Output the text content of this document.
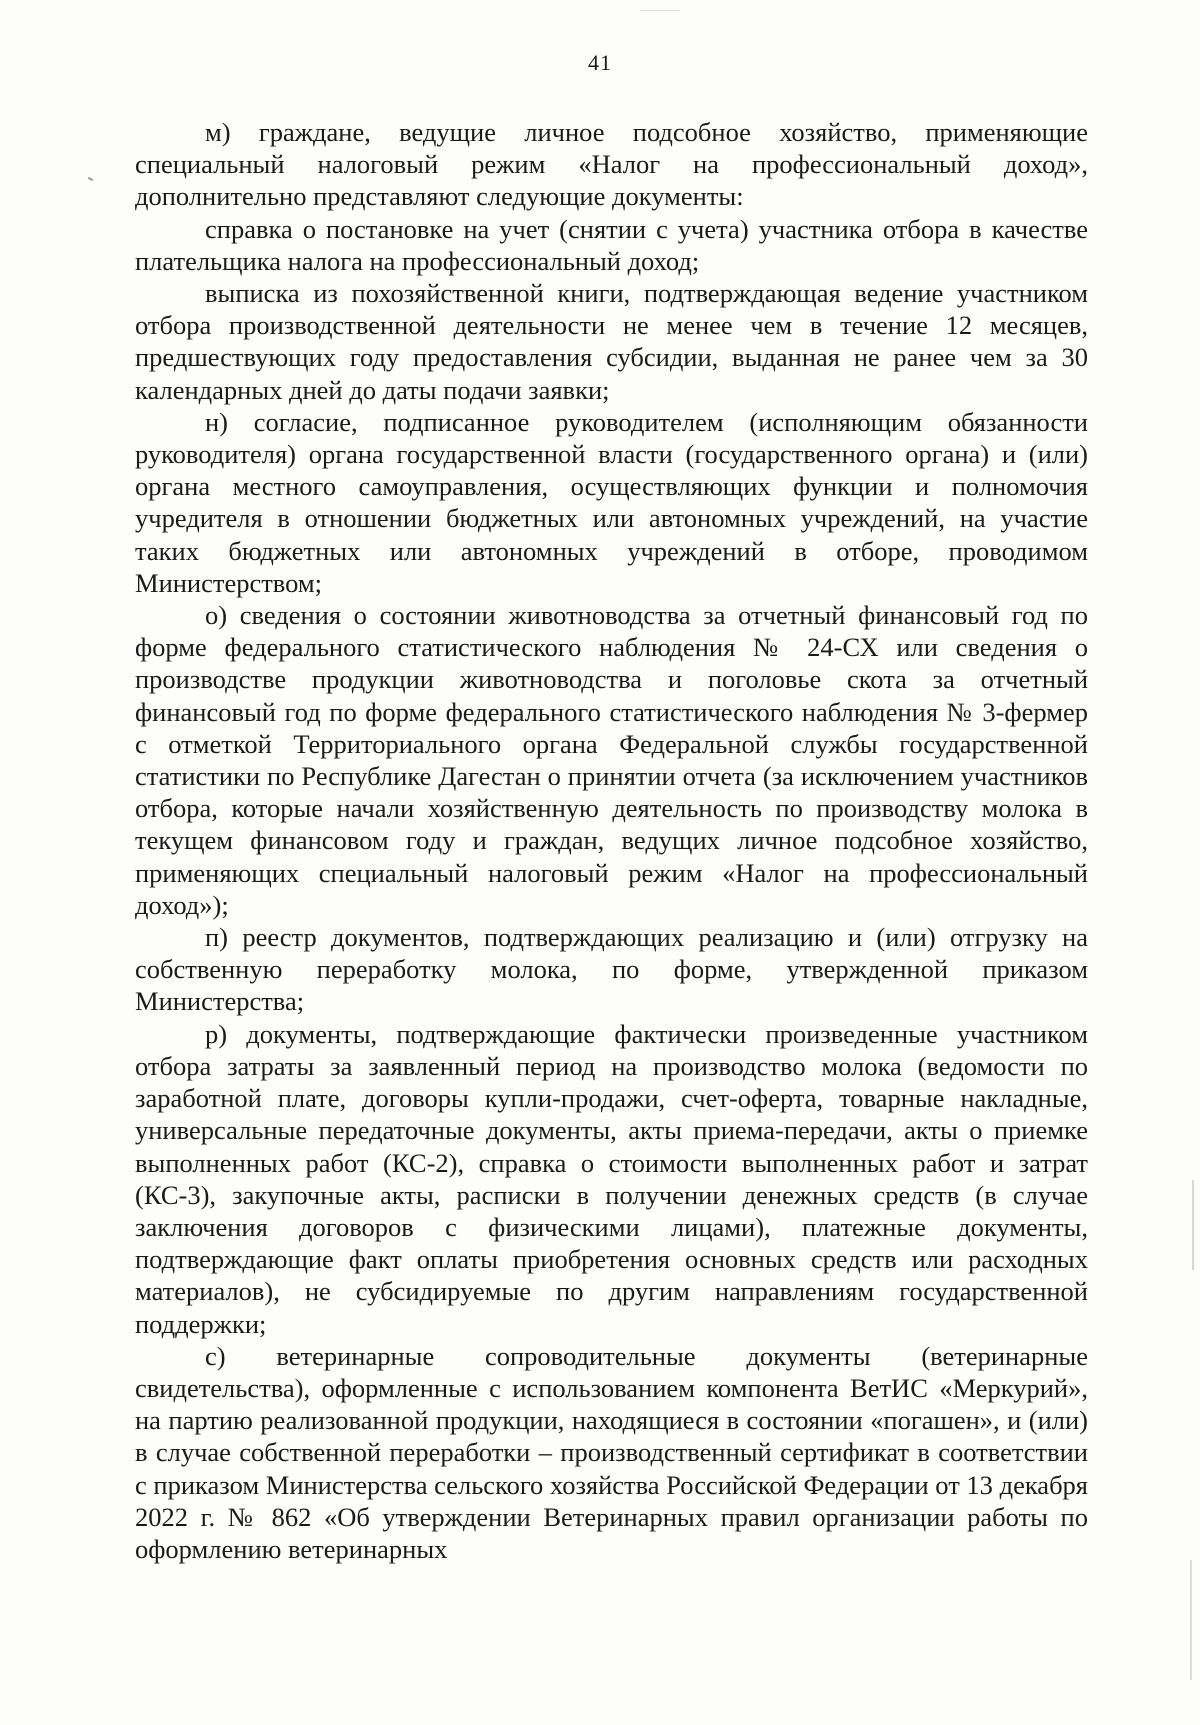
41

м) граждане, ведущие личное подсобное хозяйство, применяющие специальный налоговый режим «Налог на профессиональный доход», дополнительно представляют следующие документы:

справка о постановке на учет (снятии с учета) участника отбора в качестве плательщика налога на профессиональный доход;

выписка из похозяйственной книги, подтверждающая ведение участником отбора производственной деятельности не менее чем в течение 12 месяцев, предшествующих году предоставления субсидии, выданная не ранее чем за 30 календарных дней до даты подачи заявки;

н) согласие, подписанное руководителем (исполняющим обязанности руководителя) органа государственной власти (государственного органа) и (или) органа местного самоуправления, осуществляющих функции и полномочия учредителя в отношении бюджетных или автономных учреждений, на участие таких бюджетных или автономных учреждений в отборе, проводимом Министерством;

о) сведения о состоянии животноводства за отчетный финансовый год по форме федерального статистического наблюдения № 24-СХ или сведения о производстве продукции животноводства и поголовье скота за отчетный финансовый год по форме федерального статистического наблюдения № 3-фермер с отметкой Территориального органа Федеральной службы государственной статистики по Республике Дагестан о принятии отчета (за исключением участников отбора, которые начали хозяйственную деятельность по производству молока в текущем финансовом году и граждан, ведущих личное подсобное хозяйство, применяющих специальный налоговый режим «Налог на профессиональный доход»);

п) реестр документов, подтверждающих реализацию и (или) отгрузку на собственную переработку молока, по форме, утвержденной приказом Министерства;

р) документы, подтверждающие фактически произведенные участником отбора затраты за заявленный период на производство молока (ведомости по заработной плате, договоры купли-продажи, счет-оферта, товарные накладные, универсальные передаточные документы, акты приема-передачи, акты о приемке выполненных работ (КС-2), справка о стоимости выполненных работ и затрат (КС-3), закупочные акты, расписки в получении денежных средств (в случае заключения договоров с физическими лицами), платежные документы, подтверждающие факт оплаты приобретения основных средств или расходных материалов), не субсидируемые по другим направлениям государственной поддержки;

с) ветеринарные сопроводительные документы (ветеринарные свидетельства), оформленные с использованием компонента ВетИС «Меркурий», на партию реализованной продукции, находящиеся в состоянии «погашен», и (или) в случае собственной переработки – производственный сертификат в соответствии с приказом Министерства сельского хозяйства Российской Федерации от 13 декабря 2022 г. № 862 «Об утверждении Ветеринарных правил организации работы по оформлению ветеринарных
